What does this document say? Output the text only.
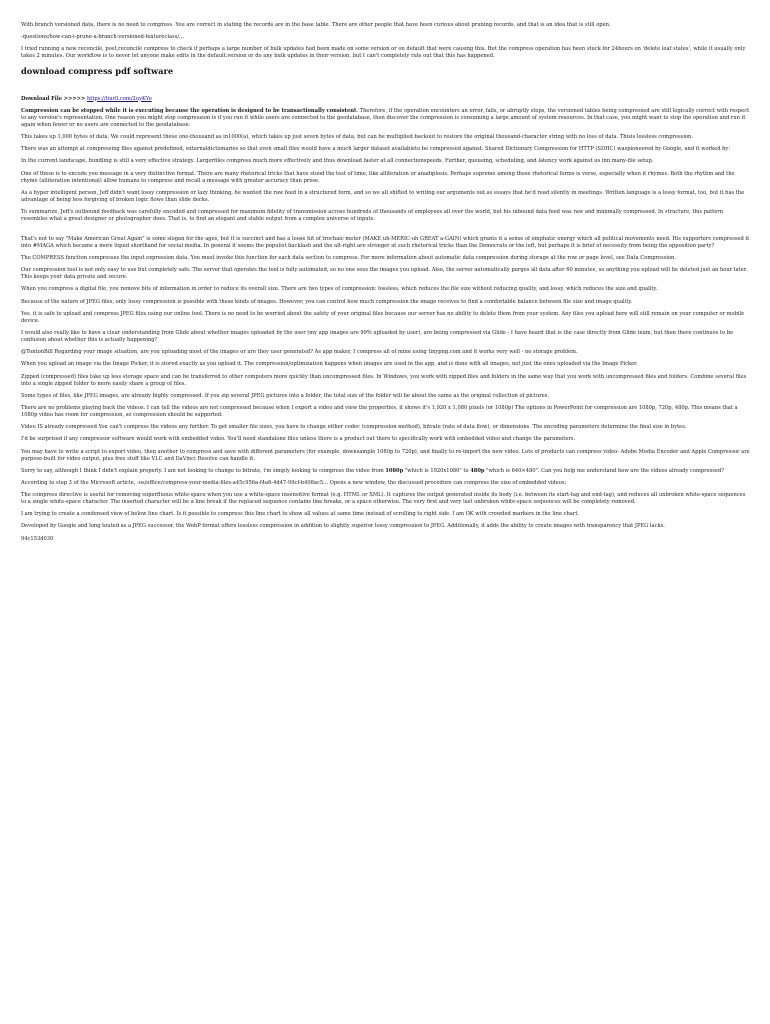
With branch versioned data, there is no need to compress. You are correct in stating the records are in the base table. There are other people that have been curious about pruning records, and that is an idea that is still open.

-questions/how-can-i-prune-a-branch-versioned-featureclass/...

I tried running a new reconcile, post,reconcile compress to check if perhaps a large number of bulk updates had been made on some version or on default that were causing this. But the compress operation has been stuck for 24hours on 'delete leaf states', while it usually only takes 2 minutes. Our workflow is to never let anyone make edits in the default.version or do any bulk updates in their version, but I can't completely rule out that this has happened.

download compress pdf software

Download File >>>>> https://tiurll.com/2uyKYo

Compression can be stopped while it is executing because the operation is designed to be transactionally consistent. Therefore, if the operation encounters an error, fails, or abruptly stops, the versioned tables being compressed are still logically correct with respect to any version's representation. One reason you might stop compression is if you run it while users are connected to the geodatabase, then discover the compression is consuming a large amount of system resources. In that case, you might want to stop the operation and run it again when fewer or no users are connected to the geodatabase.

This takes up 1,000 bytes of data. We could represent these one-thousand as in1000(a), which takes up just seven bytes of data, but can be multiplied backout to restore the original thousand-character string with no loss of data. Thisis lossless compression.

There was an attempt at compressing files against predefined, externaldictionaries so that even small files would have a much larger dataset availableto be compressed against. Shared Dictionary Compression for HTTP (SDHC) waspioneered by Google, and it worked by:

In the current landscape, bundling is still a very effective strategy. Largerfiles compress much more effectively and thus download faster at all connectionspeeds. Further, queueing, scheduling, and latency work against us inn many-file setup.

One of these is to encode you message in a very distinctive format. There are many rhetorical tricks that have stood the test of time, like alliteration or anadiplosis. Perhaps supreme among these rhetorical forms is verse, especially when it rhymes. Both the rhythm and the rhyme (alliteration intentional) allow humans to compress and recall a message with greater accuracy than prose.

As a hyper intelligent person, Jeff didn't want lossy compression or lazy thinking, he wanted the raw feed in a structured form, and so we all shifted to writing our arguments out as essays that he'd read silently in meetings. Written language is a lossy format, too, but it has the advantage of being less forgiving of broken logic flows than slide decks.

To summarize, Jeff's outbound feedback was carefully encoded and compressed for maximum fidelity of transmission across hundreds of thousands of employees all over the world, but his inbound data feed was raw and minimally compressed. In structure, this pattern resembles what a great designer or photographer does. That is, to find an elegant and stable output from a complex universe of inputs.

That's not to say "Make American Great Again" is some slogan for the ages, but it is succinct and has a loose hit of trochaic meter (MAKE uh-MERIC-uh GREAT a-GAIN) which grants it a sense of emphatic energy which all political movements need. His supporters compressed it into #MAGA which became a more liquid shorthand for social media. In general it seems the populist backlash and the alt-right are stronger at such rhetorical tricks than the Democrats or the left, but perhaps it is brief of necessity from being the opposition party?

The COMPRESS function compresses the input expression data. You must invoke this function for each data section to compress. For more information about automatic data compression during storage at the row or page level, see Data Compression.

Our compression tool is not only easy to use but completely safe. The server that operates the tool is fully automated, so no one sees the images you upload. Also, the server automatically purges all data after 60 minutes, so anything you upload will be deleted just an hour later. This keeps your data private and secure.

When you compress a digital file, you remove bits of information in order to reduce its overall size. There are two types of compression: lossless, which reduces the file size without reducing quality, and lossy, which reduces the size and quality.

Because of the nature of JPEG files, only lossy compression is possible with these kinds of images. However, you can control how much compression the image receives to find a comfortable balance between file size and image quality.

Yes, it is safe to upload and compress JPEG files using our online tool. There is no need to be worried about the safety of your original files because our server has no ability to delete them from your system. Any files you upload here will still remain on your computer or mobile device.

I would also really like to have a clear understanding from Glide about whether images uploaded by the user (my app images are 99% uploaded by user), are being compressed via Glide - I have heard that is the case directly from Glide team, but then there continues to be confusion about whether this is actually happening?

@TontonBill Regarding your image situation, are you uploading most of the images or are they user generated? As app maker, I compress all of mine using tinypng.com and it works very well - no storage problem.

When you upload an image via the Image Picker, it is stored exactly as you upload it. The compression/optimization happens when images are used in the app, and is done with all images, not just the ones uploaded via the Image Picker.

Zipped (compressed) files take up less storage space and can be transferred to other computers more quickly than uncompressed files. In Windows, you work with zipped files and folders in the same way that you work with uncompressed files and folders. Combine several files into a single zipped folder to more easily share a group of files.

Some types of files, like JPEG images, are already highly compressed. If you zip several JPEG pictures into a folder, the total size of the folder will be about the same as the original collection of pictures.

There are no problems playing back the videos. I can tell the videos are not compressed because when I export a video and view the properties, it shows it's 1,920 x 1,080 pixels (or 1080p) The options in PowerPoint for compression are 1080p, 720p, 480p. This means that a 1080p video has room for compression, so compression should be supported.

Video IS already compressed You can't compress the videos any further. To get smaller file sizes, you have to change either codec (compression method), bitrate (rate of data flow), or dimensions. The encoding parameters determine the final size in bytes.

I'd be surprised if any compressor software would work with embedded video. You'll need standalone files unless there is a product out there to specifically work with embedded video and change the parameters.

You may have to write a script to export video, then another to compress and save with different parameters (for example, downsample 1080p to 720p), and finally to re-import the new video. Lots of products can compress video- Adobe Media Encoder and Apple Compressor are purpose-built for video output, plus free stuff like VLC and DaVinci Resolve can handle it.

Sorry to say, although I think I didn't explain properly. I am not looking to change to bitrate, i'm simply looking to compress the video from 1080p "which is 1920x1080" to 480p "which is 640×480". Can you help me understand how are the videos already compressed?

According to step 3 of the Microsoft article, -us/office/compress-your-media-files-a45c956a-f4a6-4d47-99cf-b408ac5... Opens a new window, the discussed procedure can compress the size of embedded videos;

The compress directive is useful for removing superfluous white-space when you use a white-space insensitive format (e.g. HTML or XML). It captures the output generated inside its body (i.e. between its start-tag and end-tag), and reduces all unbroken white-space sequences to a single white-space character. The inserted character will be a line break if the replaced sequence contains line breaks, or a space otherwise. The very first and very last unbroken white-space sequences will be completely removed.

I am trying to create a condensed view of below line chart. Is it possible to compress this line chart to show all values at same time instead of scrolling to right side. I am OK with crowded markers in the line chart.

Developed by Google and long touted as a JPEG successor, the WebP format offers lossless compression in addition to slightly superior lossy compression to JPEG. Additionally, it adds the ability to create images with transparency that JPEG lacks.

94c153d030
